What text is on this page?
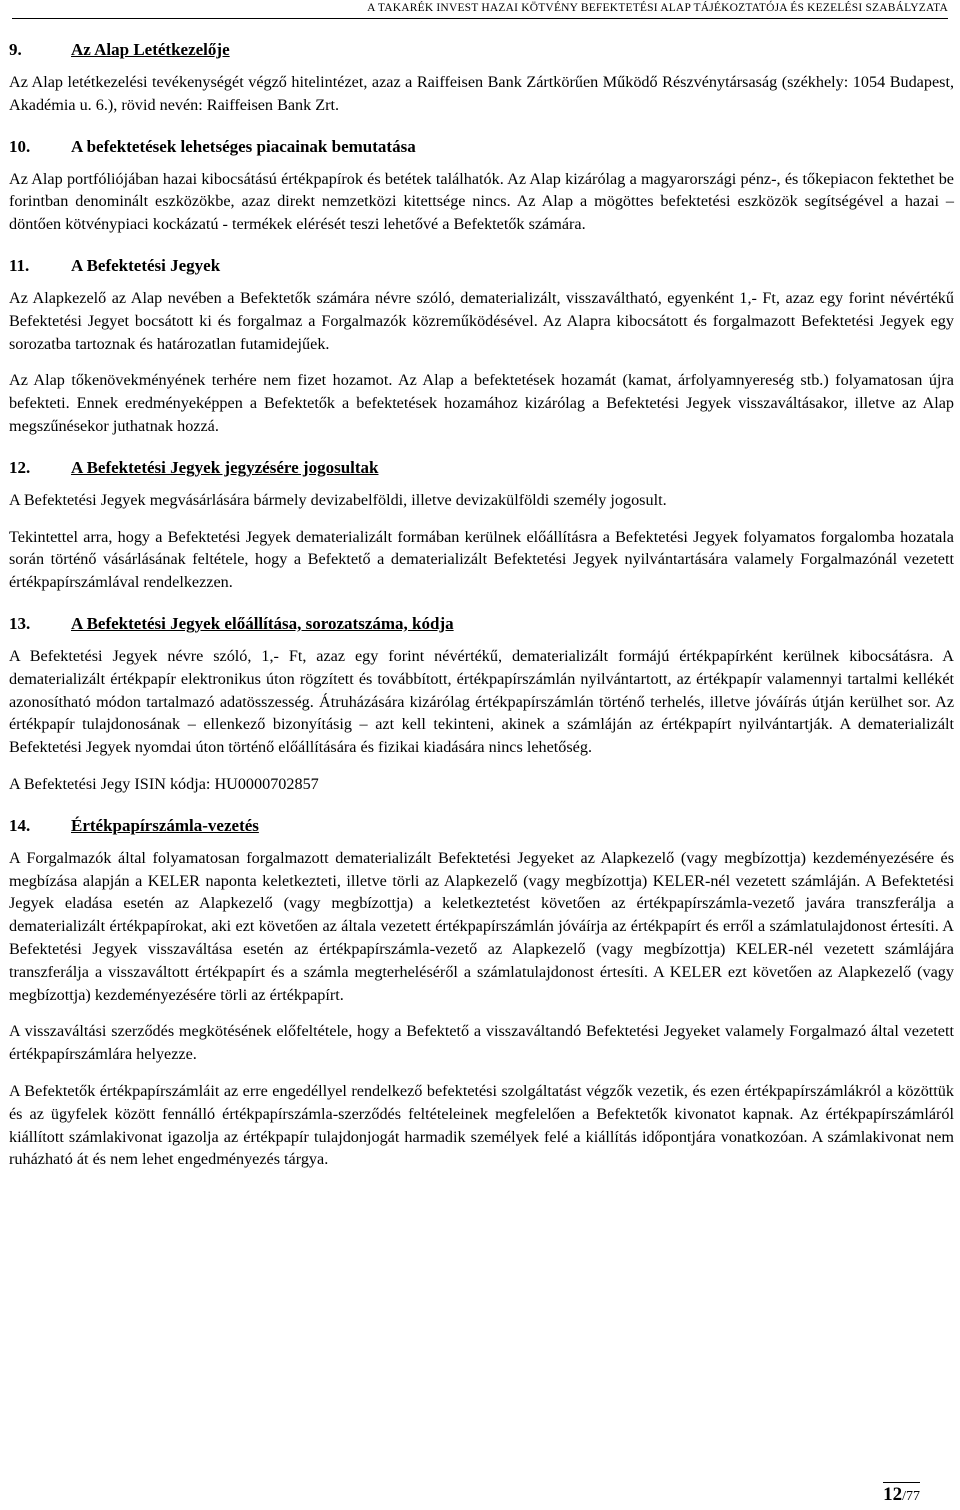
A TAKARÉK INVEST HAZAI KÖTVÉNY BEFEKTETÉSI ALAP TÁJÉKOZTATÓJA ÉS KEZELÉSI SZABÁLYZATA
9.	Az Alap Letétkezelője

Az Alap letétkezelési tevékenységét végző hitelintézet, azaz a Raiffeisen Bank Zártkörűen Működő Részvénytársaság (székhely: 1054 Budapest, Akadémia u. 6.), rövid nevén: Raiffeisen Bank Zrt.

10.	A befektetések lehetséges piacainak bemutatása

Az Alap portfóliójában hazai kibocsátású értékpapírok és betétek találhatók. Az Alap kizárólag a magyarországi pénz-, és tőkepiacon fektethet be forintban denominált eszközökbe, azaz direkt nemzetközi kitettsége nincs. Az Alap a mögöttes befektetési eszközök segítségével a hazai – döntően kötvénypiaci kockázatú - termékek elérését teszi lehetővé a Befektetők számára.

11.	A Befektetési Jegyek

Az Alapkezelő az Alap nevében a Befektetők számára névre szóló, dematerializált, visszaváltható, egyenként 1,- Ft, azaz egy forint névértékű Befektetési Jegyet bocsátott ki és forgalmaz a Forgalmazók közreműködésével. Az Alapra kibocsátott és forgalmazott Befektetési Jegyek egy sorozatba tartoznak és határozatlan futamidejűek.

Az Alap tőkenövekményének terhére nem fizet hozamot. Az Alap a befektetések hozamát (kamat, árfolyamnyereség stb.) folyamatosan újra befekteti. Ennek eredményeképpen a Befektetők a befektetések hozamához kizárólag a Befektetési Jegyek visszaváltásakor, illetve az Alap megszűnésekor juthatnak hozzá.

12.	A Befektetési Jegyek jegyzésére jogosultak

A Befektetési Jegyek megvásárlására bármely devizabelföldi, illetve devizakülföldi személy jogosult.

Tekintettel arra, hogy a Befektetési Jegyek dematerializált formában kerülnek előállításra a Befektetési Jegyek folyamatos forgalomba hozatala során történő vásárlásának feltétele, hogy a Befektető a dematerializált Befektetési Jegyek nyilvántartására valamely Forgalmazónál vezetett értékpapírszámlával rendelkezzen.

13.	A Befektetési Jegyek előállítása, sorozatszáma, kódja

A Befektetési Jegyek névre szóló, 1,- Ft, azaz egy forint névértékű, dematerializált formájú értékpapírként kerülnek kibocsátásra. A dematerializált értékpapír elektronikus úton rögzített és továbbított, értékpapírszámlán nyilvántartott, az értékpapír valamennyi tartalmi kellékét azonosítható módon tartalmazó adatösszesség. Átruházására kizárólag értékpapírszámlán történő terhelés, illetve jóváírás útján kerülhet sor. Az értékpapír tulajdonosának – ellenkező bizonyításig – azt kell tekinteni, akinek a számláján az értékpapírt nyilvántartják. A dematerializált Befektetési Jegyek nyomdai úton történő előállítására és fizikai kiadására nincs lehetőség.

A Befektetési Jegy ISIN kódja: HU0000702857

14.	Értékpapírszámla-vezetés

A Forgalmazók által folyamatosan forgalmazott dematerializált Befektetési Jegyeket az Alapkezelő (vagy megbízottja) kezdeményezésére és megbízása alapján a KELER naponta keletkezteti, illetve törli az Alapkezelő (vagy megbízottja) KELER-nél vezetett számláján. A Befektetési Jegyek eladása esetén az Alapkezelő (vagy megbízottja) a keletkeztetést követően az értékpapírszámla-vezető javára transzferálja a dematerializált értékpapírokat, aki ezt követően az általa vezetett értékpapírszámlán jóváírja az értékpapírt és erről a számlatulajdonost értesíti. A Befektetési Jegyek visszaváltása esetén az értékpapírszámla-vezető az Alapkezelő (vagy megbízottja) KELER-nél vezetett számlájára transzferálja a visszaváltott értékpapírt és a számla megterheléséről a számlatulajdonost értesíti. A KELER ezt követően az Alapkezelő (vagy megbízottja) kezdeményezésére törli az értékpapírt.

A visszaváltási szerződés megkötésének előfeltétele, hogy a Befektető a visszaváltandó Befektetési Jegyeket valamely Forgalmazó által vezetett értékpapírszámlára helyezze.

A Befektetők értékpapírszámláit az erre engedéllyel rendelkező befektetési szolgáltatást végzők vezetik, és ezen értékpapírszámlákról a közöttük és az ügyfelek között fennálló értékpapírszámla-szerződés feltételeinek megfelelően a Befektetők kivonatot kapnak. Az értékpapírszámláról kiállított számlakivonat igazolja az értékpapír tulajdonjogát harmadik személyek felé a kiállítás időpontjára vonatkozóan. A számlakivonat nem ruházható át és nem lehet engedményezés tárgya.

12/77
